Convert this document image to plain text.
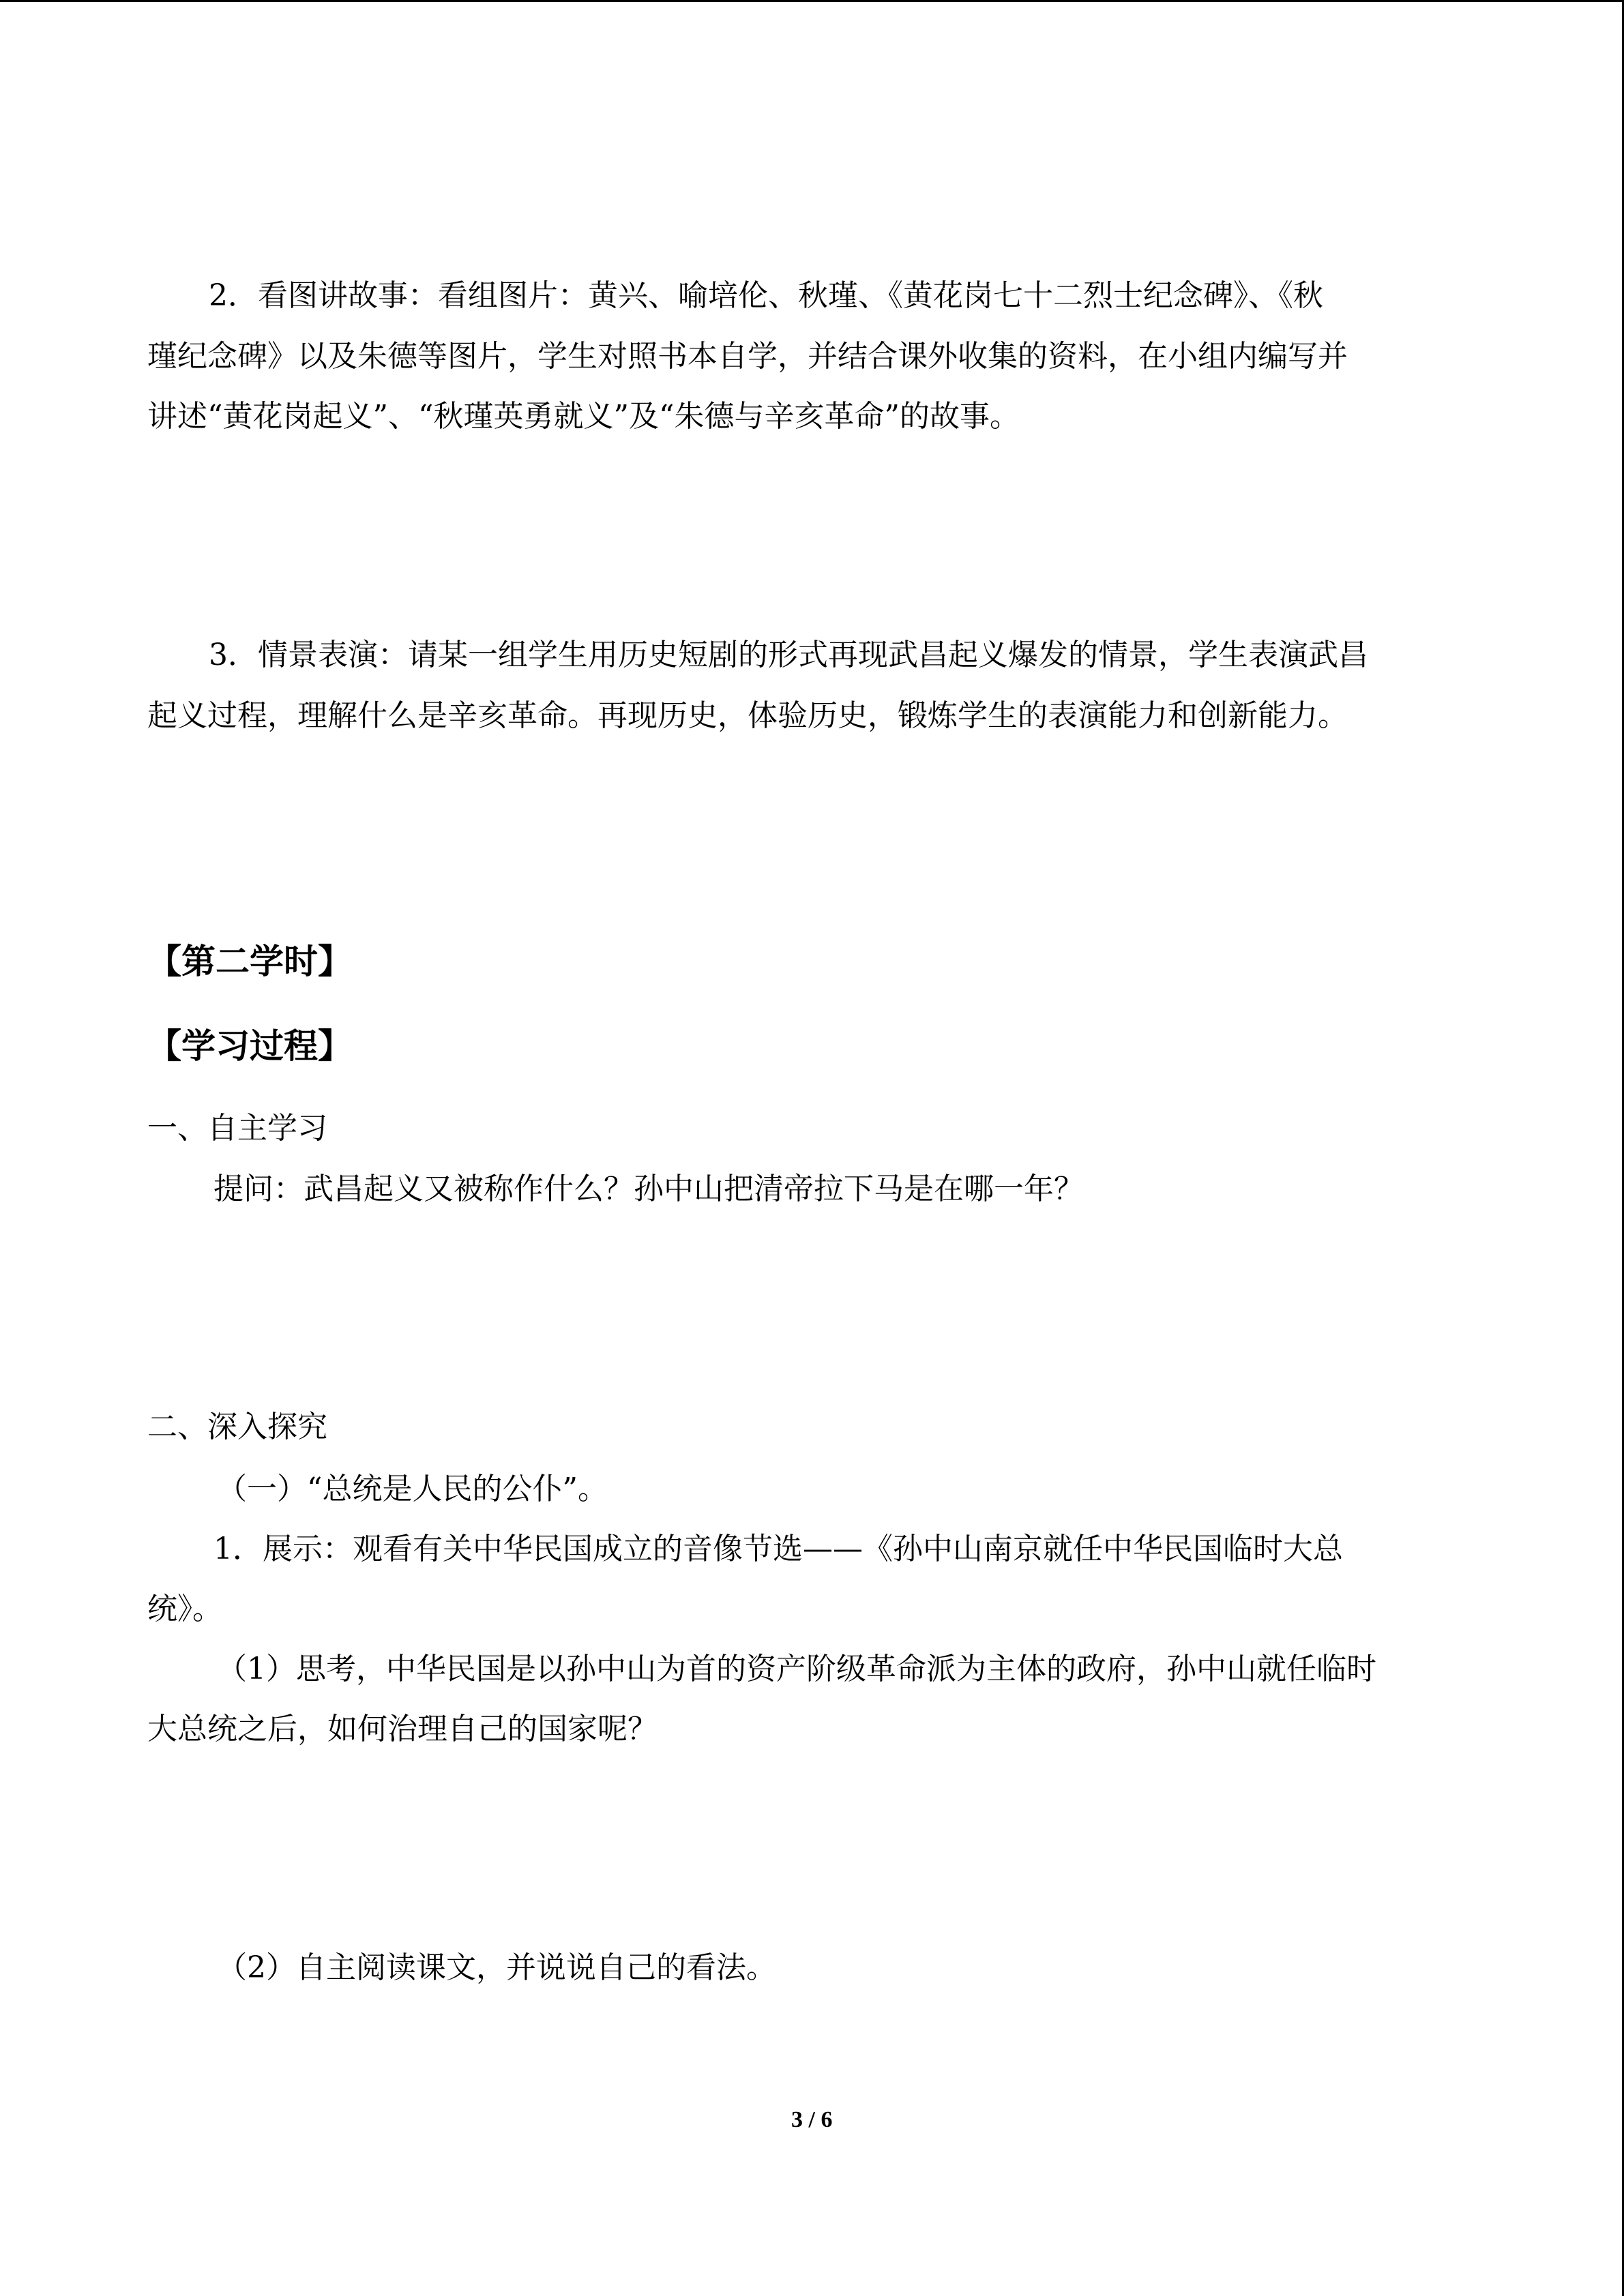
2．看图讲故事：看组图片：黄兴、喻培伦、秋瑾、《黄花岗七十二烈士纪念碑》、《秋

瑾纪念碑》以及朱德等图片，学生对照书本自学，并结合课外收集的资料，在小组内编写并

讲述“黄花岗起义”、“秋瑾英勇就义”及“朱德与辛亥革命”的故事。

3．情景表演：请某一组学生用历史短剧的形式再现武昌起义爆发的情景，学生表演武昌

起义过程，理解什么是辛亥革命。再现历史，体验历史，锻炼学生的表演能力和创新能力。

【第二学时】
【学习过程】

一、自主学习

提问：武昌起义又被称作什么？孙中山把清帝拉下马是在哪一年？

二、深入探究

（一）“总统是人民的公仆”。

1．展示：观看有关中华民国成立的音像节选——《孙中山南京就任中华民国临时大总

统》。

（1）思考，中华民国是以孙中山为首的资产阶级革命派为主体的政府，孙中山就任临时

大总统之后，如何治理自己的国家呢？

（2）自主阅读课文，并说说自己的看法。

3 / 6
